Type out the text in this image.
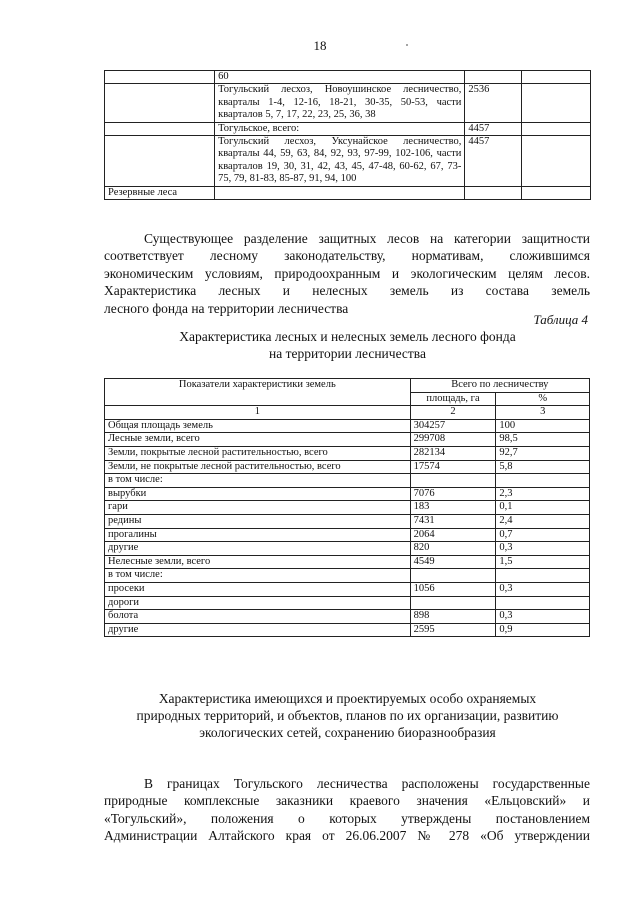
18
	60		
	Тогульский лесхоз, Новоушинское лесничество, кварталы 1-4, 12-16, 18-21, 30-35, 50-53, части кварталов 5, 7, 17, 22, 23, 25, 36, 38	2536	
	Тогульское, всего:	4457	
	Тогульский лесхоз, Уксунайское лесничество, кварталы 44, 59, 63, 84, 92, 93, 97-99, 102-106, части кварталов 19, 30, 31, 42, 43, 45, 47-48, 60-62, 67, 73-75, 79, 81-83, 85-87, 91, 94, 100	4457	
Резервные леса			
Существующее разделение защитных лесов на категории защитности
соответствует лесному законодательству, нормативам, сложившимся
экономическим условиям, природоохранным и экологическим целям лесов.
Характеристика лесных и нелесных земель из состава земель
лесного фонда на территории лесничества
Таблица 4
Характеристика лесных и нелесных земель лесного фонда
на территории лесничества
Показатели характеристики земель	Всего по лесничеству	
	площадь, га	%
1	2	3
Общая площадь земель	304257	100
Лесные земли, всего	299708	98,5
Земли, покрытые лесной растительностью, всего	282134	92,7
Земли, не покрытые лесной растительностью, всего	17574	5,8
в том числе:		
вырубки	7076	2,3
гари	183	0,1
редины	7431	2,4
прогалины	2064	0,7
другие	820	0,3
Нелесные земли, всего	4549	1,5
в том числе:		
просеки	1056	0,3
дороги		
болота	898	0,3
другие	2595	0,9
Характеристика имеющихся и проектируемых особо охраняемых
природных территорий, и объектов, планов по их организации, развитию
экологических сетей, сохранению биоразнообразия
В границах Тогульского лесничества расположены государственные
природные комплексные заказники краевого значения «Ельцовский» и
«Тогульский», положения о которых утверждены постановлением
Администрации Алтайского края от 26.06.2007 № 278 «Об утверждении
